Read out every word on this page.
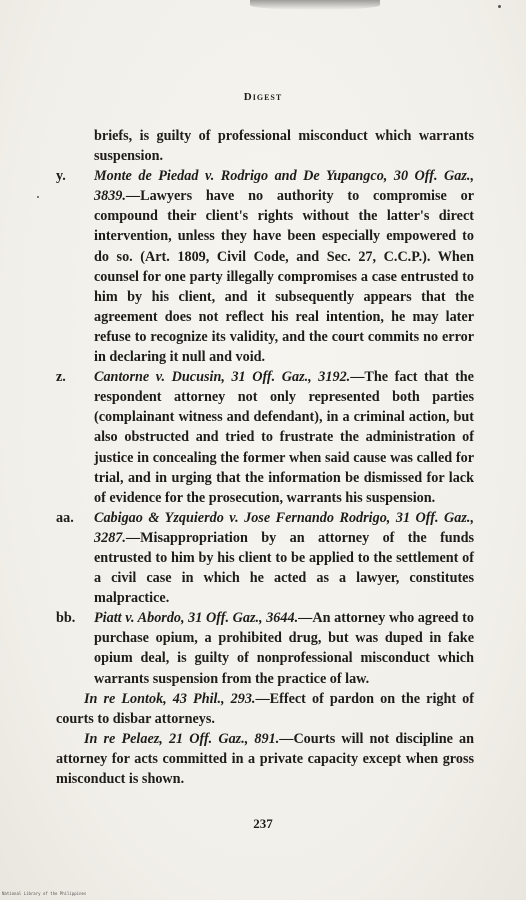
Digest
briefs, is guilty of professional misconduct which warrants suspension.
y.	Monte de Piedad v. Rodrigo and De Yupangco, 30 Off. Gaz., 3839.—Lawyers have no authority to compromise or compound their client's rights without the latter's direct intervention, unless they have been especially empowered to do so. (Art. 1809, Civil Code, and Sec. 27, C.C.P.). When counsel for one party illegally compromises a case entrusted to him by his client, and it subsequently appears that the agreement does not reflect his real intention, he may later refuse to recognize its validity, and the court commits no error in declaring it null and void.
z.	Cantorne v. Ducusin, 31 Off. Gaz., 3192.—The fact that the respondent attorney not only represented both parties (complainant witness and defendant), in a criminal action, but also obstructed and tried to frustrate the administration of justice in concealing the former when said cause was called for trial, and in urging that the information be dismissed for lack of evidence for the prosecution, warrants his suspension.
aa.	Cabigao & Yzquierdo v. Jose Fernando Rodrigo, 31 Off. Gaz., 3287.—Misappropriation by an attorney of the funds entrusted to him by his client to be applied to the settlement of a civil case in which he acted as a lawyer, constitutes malpractice.
bb.	Piatt v. Abordo, 31 Off. Gaz., 3644.—An attorney who agreed to purchase opium, a prohibited drug, but was duped in fake opium deal, is guilty of nonprofessional misconduct which warrants suspension from the practice of law.

In re Lontok, 43 Phil., 293.—Effect of pardon on the right of courts to disbar attorneys.

In re Pelaez, 21 Off. Gaz., 891.—Courts will not discipline an attorney for acts committed in a private capacity except when gross misconduct is shown.

237
National Library of the Philippines
